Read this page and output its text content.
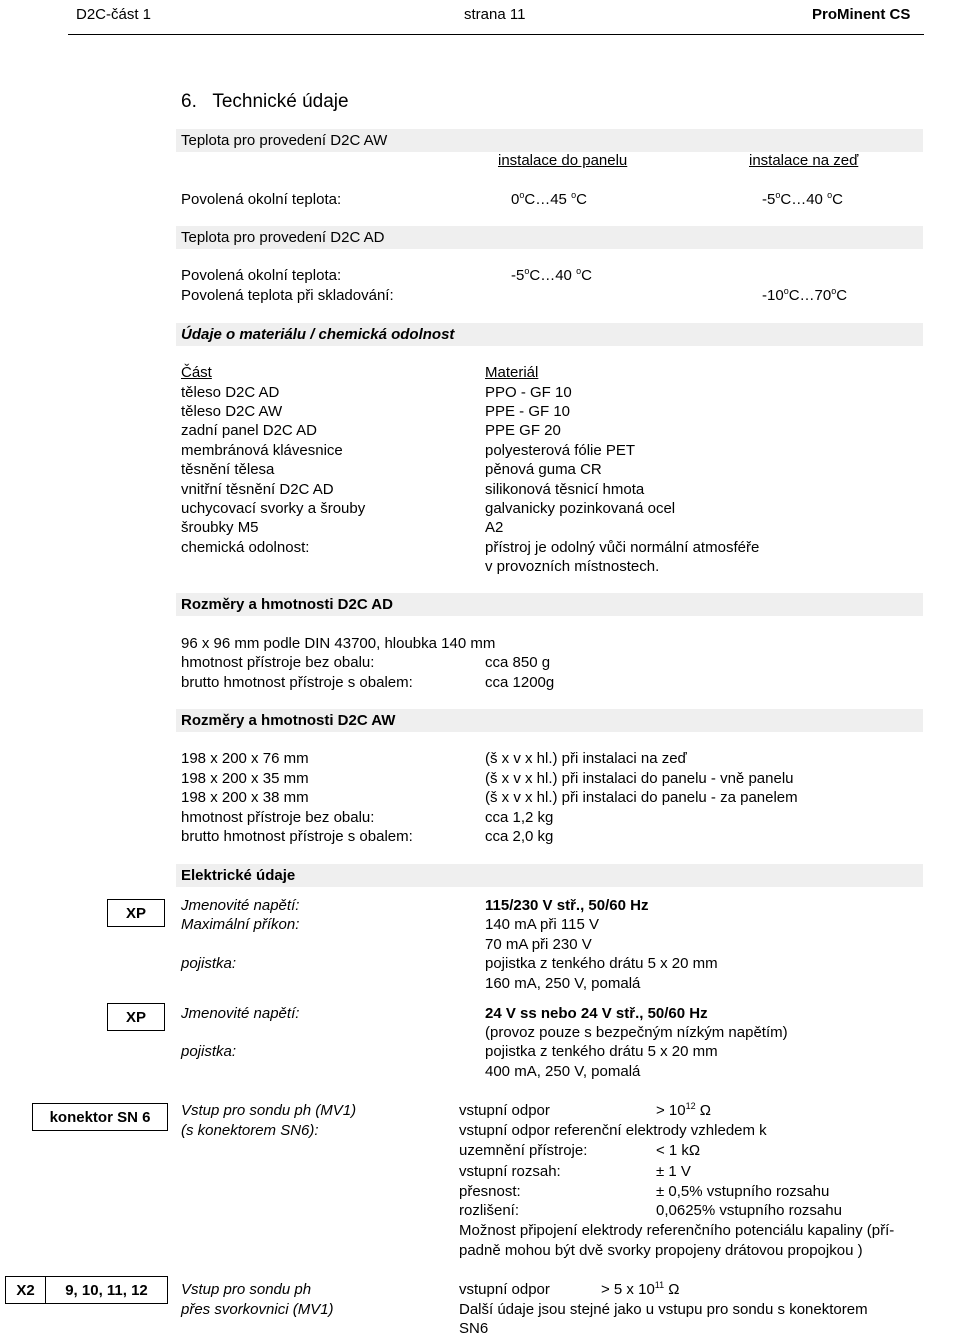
D2C-část 1	strana 11	ProMinent CS
6.   Technické údaje
Teplota pro provedení D2C AW
instalace do panelu	instalace na zeď
Povolená okolní teplota:	0$^o$C…45 $^o$C	-5$^o$C…40 $^o$C
Teplota pro provedení D2C AD
Povolená okolní teplota:	-5$^o$C…40 $^o$C
Povolená teplota při skladování:	-10$^o$C…70$^o$C
Údaje o materiálu / chemická odolnost
Část	Materiál
těleso D2C AD	PPO - GF 10
těleso D2C AW	PPE - GF 10
zadní panel D2C AD	PPE GF 20
membránová klávesnice	polyesterová fólie PET
těsnění tělesa	pěnová guma CR
vnitřní těsnění D2C AD	silikonová těsnicí hmota
uchycovací svorky a šrouby	galvanicky pozinkovaná ocel
šroubky M5	A2
chemická odolnost:	přístroj je odolný vůči normální atmosféře
v provozních místnostech.
Rozměry a hmotnosti D2C AD
96 x 96 mm podle DIN 43700, hloubka 140 mm
hmotnost přístroje bez obalu:	cca 850 g
brutto hmotnost přístroje s obalem:	cca 1200g
Rozměry a hmotnosti D2C AW
198 x 200 x 76 mm	(š x v x hl.) při instalaci na zeď
198 x 200 x 35 mm	(š x v x hl.) při instalaci do panelu - vně panelu
198 x 200 x 38 mm	(š x v x hl.) při instalaci do panelu - za panelem
hmotnost přístroje bez obalu:	cca 1,2 kg
brutto hmotnost přístroje s obalem:	cca 2,0 kg
Elektrické údaje
XP	Jmenovité napětí:	115/230 V stř., 50/60 Hz
Maximální příkon:	140 mA při 115 V
70 mA při 230 V
pojistka:	pojistka z tenkého drátu 5 x 20 mm
160 mA, 250 V, pomalá
XP	Jmenovité napětí:	24 V ss nebo 24 V stř., 50/60 Hz
(provoz pouze s bezpečným nízkým napětím)
pojistka:	pojistka z tenkého drátu 5 x 20 mm
400 mA, 250 V, pomalá
konektor SN 6	Vstup pro sondu ph (MV1)
(s konektorem SN6):
vstupní odpor	> $10^{12}$ Ω
vstupní odpor referenční elektrody vzhledem k
uzemnění přístroje:	< 1 kΩ
vstupní rozsah:	± 1 V
přesnost:	± 0,5% vstupního rozsahu
rozlišení:	0,0625% vstupního rozsahu
Možnost připojení elektrody referenčního potenciálu kapaliny (pří-
padně mohou být dvě svorky propojeny drátovou propojkou )
X2	9, 10, 11, 12	Vstup pro sondu ph
přes svorkovnici (MV1)
vstupní odpor	> 5 x $10^{11}$ Ω
Další údaje jsou stejné jako u vstupu pro sondu s konektorem
SN6
